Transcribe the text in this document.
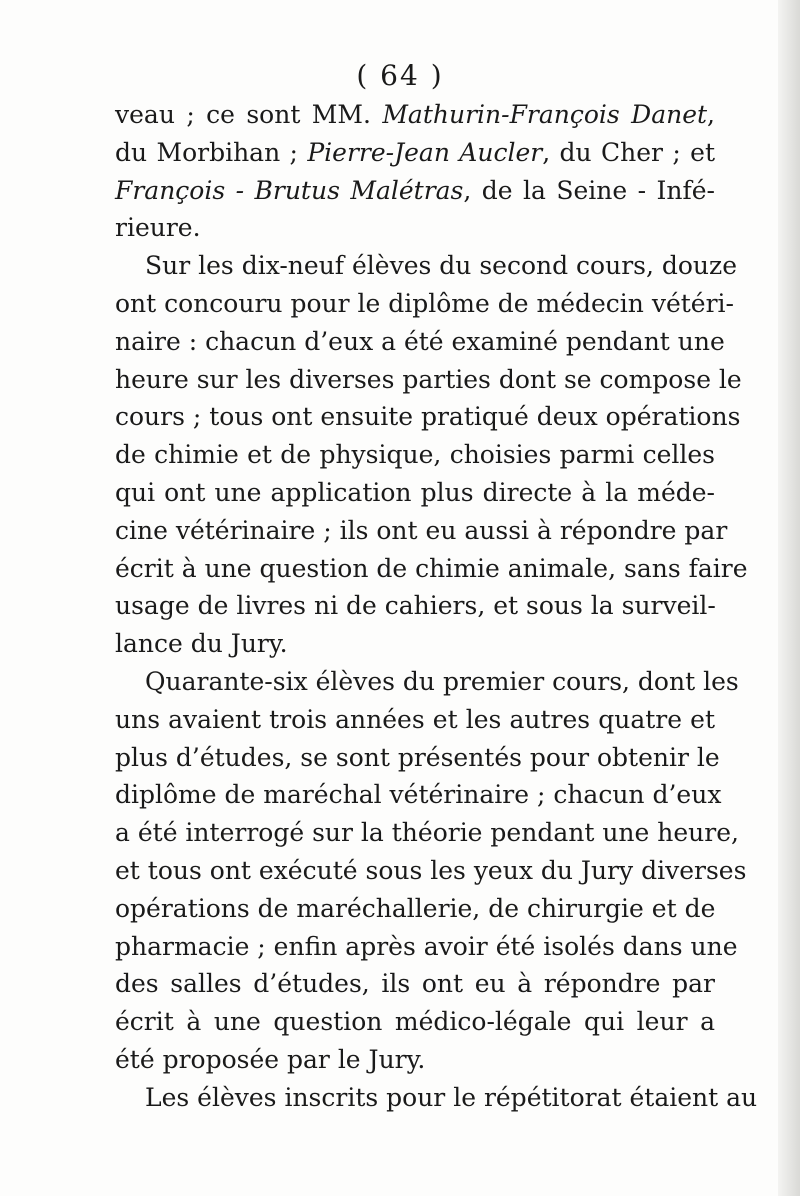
( 64 )
veau ; ce sont MM. Mathurin-François Danet,
du Morbihan ; Pierre-Jean Aucler, du Cher ; et
François - Brutus Malétras, de la Seine - Infé-
rieure.
Sur les dix-neuf élèves du second cours, douze
ont concouru pour le diplôme de médecin vétéri-
naire : chacun d’eux a été examiné pendant une
heure sur les diverses parties dont se compose le
cours ; tous ont ensuite pratiqué deux opérations
de chimie et de physique, choisies parmi celles
qui ont une application plus directe à la méde-
cine vétérinaire ; ils ont eu aussi à répondre par
écrit à une question de chimie animale, sans faire
usage de livres ni de cahiers, et sous la surveil-
lance du Jury.
Quarante-six élèves du premier cours, dont les
uns avaient trois années et les autres quatre et
plus d’études, se sont présentés pour obtenir le
diplôme de maréchal vétérinaire ; chacun d’eux
a été interrogé sur la théorie pendant une heure,
et tous ont exécuté sous les yeux du Jury diverses
opérations de maréchallerie, de chirurgie et de
pharmacie ; enfin après avoir été isolés dans une
des salles d’études, ils ont eu à répondre par
écrit à une question médico-légale qui leur a
été proposée par le Jury.
Les élèves inscrits pour le répétitorat étaient au
